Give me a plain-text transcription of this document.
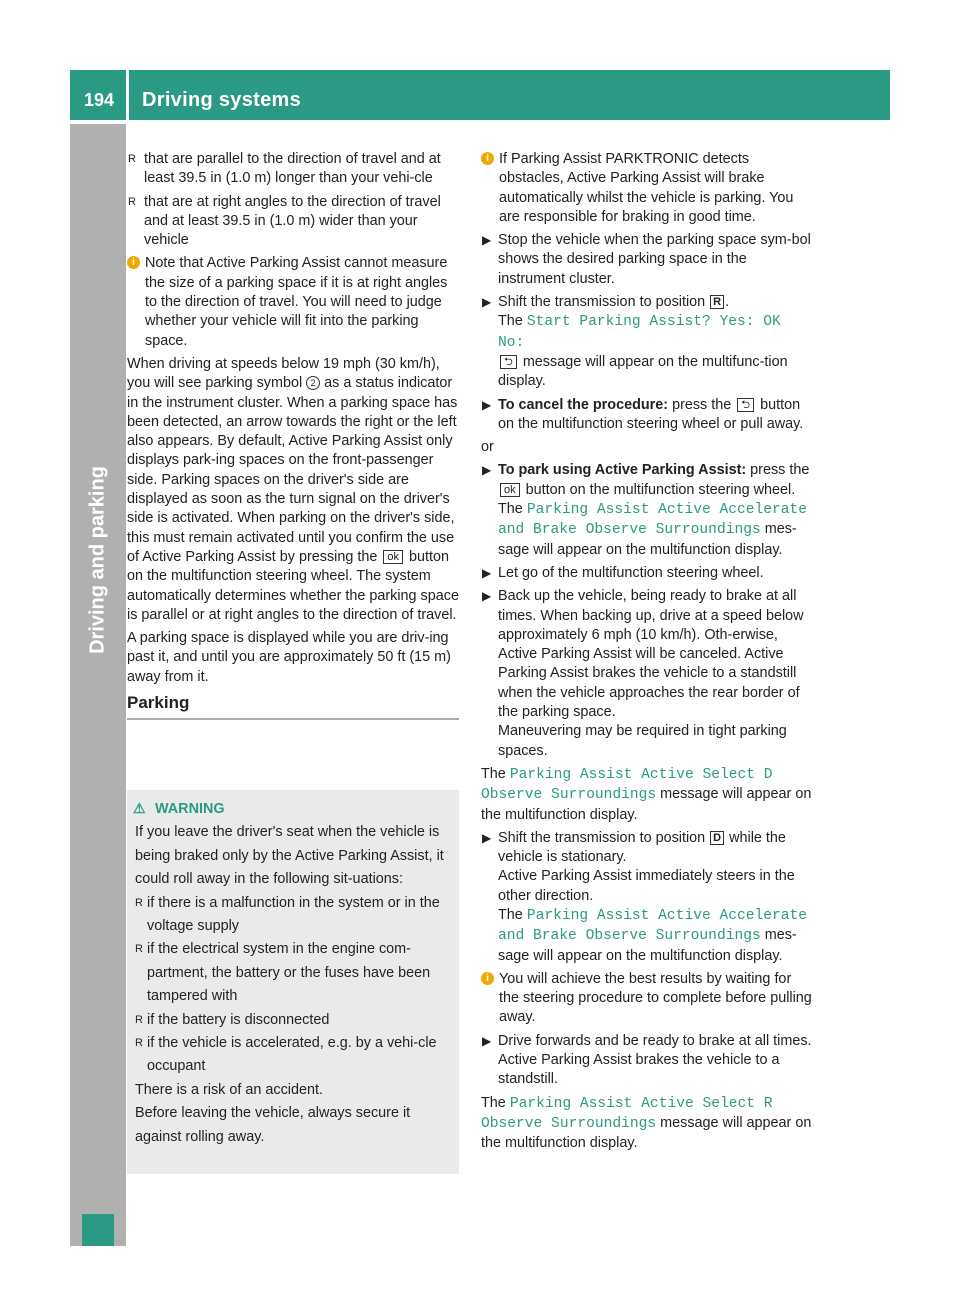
194 Driving systems
Driving and parking
R that are parallel to the direction of travel and at least 39.5 in (1.0 m) longer than your vehi-cle
R that are at right angles to the direction of travel and at least 39.5 in (1.0 m) wider than your vehicle
i Note that Active Parking Assist cannot measure the size of a parking space if it is at right angles to the direction of travel. You will need to judge whether your vehicle will fit into the parking space.

When driving at speeds below 19 mph (30 km/h), you will see parking symbol 2 as a status indicator in the instrument cluster. When a parking space has been detected, an arrow towards the right or the left also appears. By default, Active Parking Assist only displays park-ing spaces on the front-passenger side. Parking spaces on the driver's side are displayed as soon as the turn signal on the driver's side is activated. When parking on the driver's side, this must remain activated until you confirm the use of Active Parking Assist by pressing the ok button on the multifunction steering wheel. The system automatically determines whether the parking space is parallel or at right angles to the direction of travel.

A parking space is displayed while you are driv-ing past it, and until you are approximately 50 ft (15 m) away from it.

Parking
⚠ WARNING

If you leave the driver's seat when the vehicle is being braked only by the Active Parking Assist, it could roll away in the following sit-uations:

R if there is a malfunction in the system or in the voltage supply
R if the electrical system in the engine com-partment, the battery or the fuses have been tampered with
R if the battery is disconnected
R if the vehicle is accelerated, e.g. by a vehi-cle occupant

There is a risk of an accident.

Before leaving the vehicle, always secure it against rolling away.

i If Parking Assist PARKTRONIC detects obstacles, Active Parking Assist will brake automatically whilst the vehicle is parking. You are responsible for braking in good time.
▶ Stop the vehicle when the parking space sym-bol shows the desired parking space in the instrument cluster.
▶ Shift the transmission to position R .
The Start Parking Assist? Yes: OK No:
⮌ message will appear on the multifunc-tion display.
▶ To cancel the procedure: press the ⮌ button on the multifunction steering wheel or pull away.

or

▶ To park using Active Parking Assist: press the ok button on the multifunction steering wheel.
The Parking Assist Active Accelerate and Brake Observe Surroundings mes-sage will appear on the multifunction display.
▶ Let go of the multifunction steering wheel.
▶ Back up the vehicle, being ready to brake at all times. When backing up, drive at a speed below approximately 6 mph (10 km/h). Oth-erwise, Active Parking Assist will be canceled. Active Parking Assist brakes the vehicle to a standstill when the vehicle approaches the rear border of the parking space.
Maneuvering may be required in tight parking spaces.

The Parking Assist Active Select D Observe Surroundings message will appear on the multifunction display.

▶ Shift the transmission to position D while the vehicle is stationary.
Active Parking Assist immediately steers in the other direction.
The Parking Assist Active Accelerate and Brake Observe Surroundings mes-sage will appear on the multifunction display.
i You will achieve the best results by waiting for the steering procedure to complete before pulling away.
▶ Drive forwards and be ready to brake at all times.
Active Parking Assist brakes the vehicle to a standstill.

The Parking Assist Active Select R Observe Surroundings message will appear on the multifunction display.
